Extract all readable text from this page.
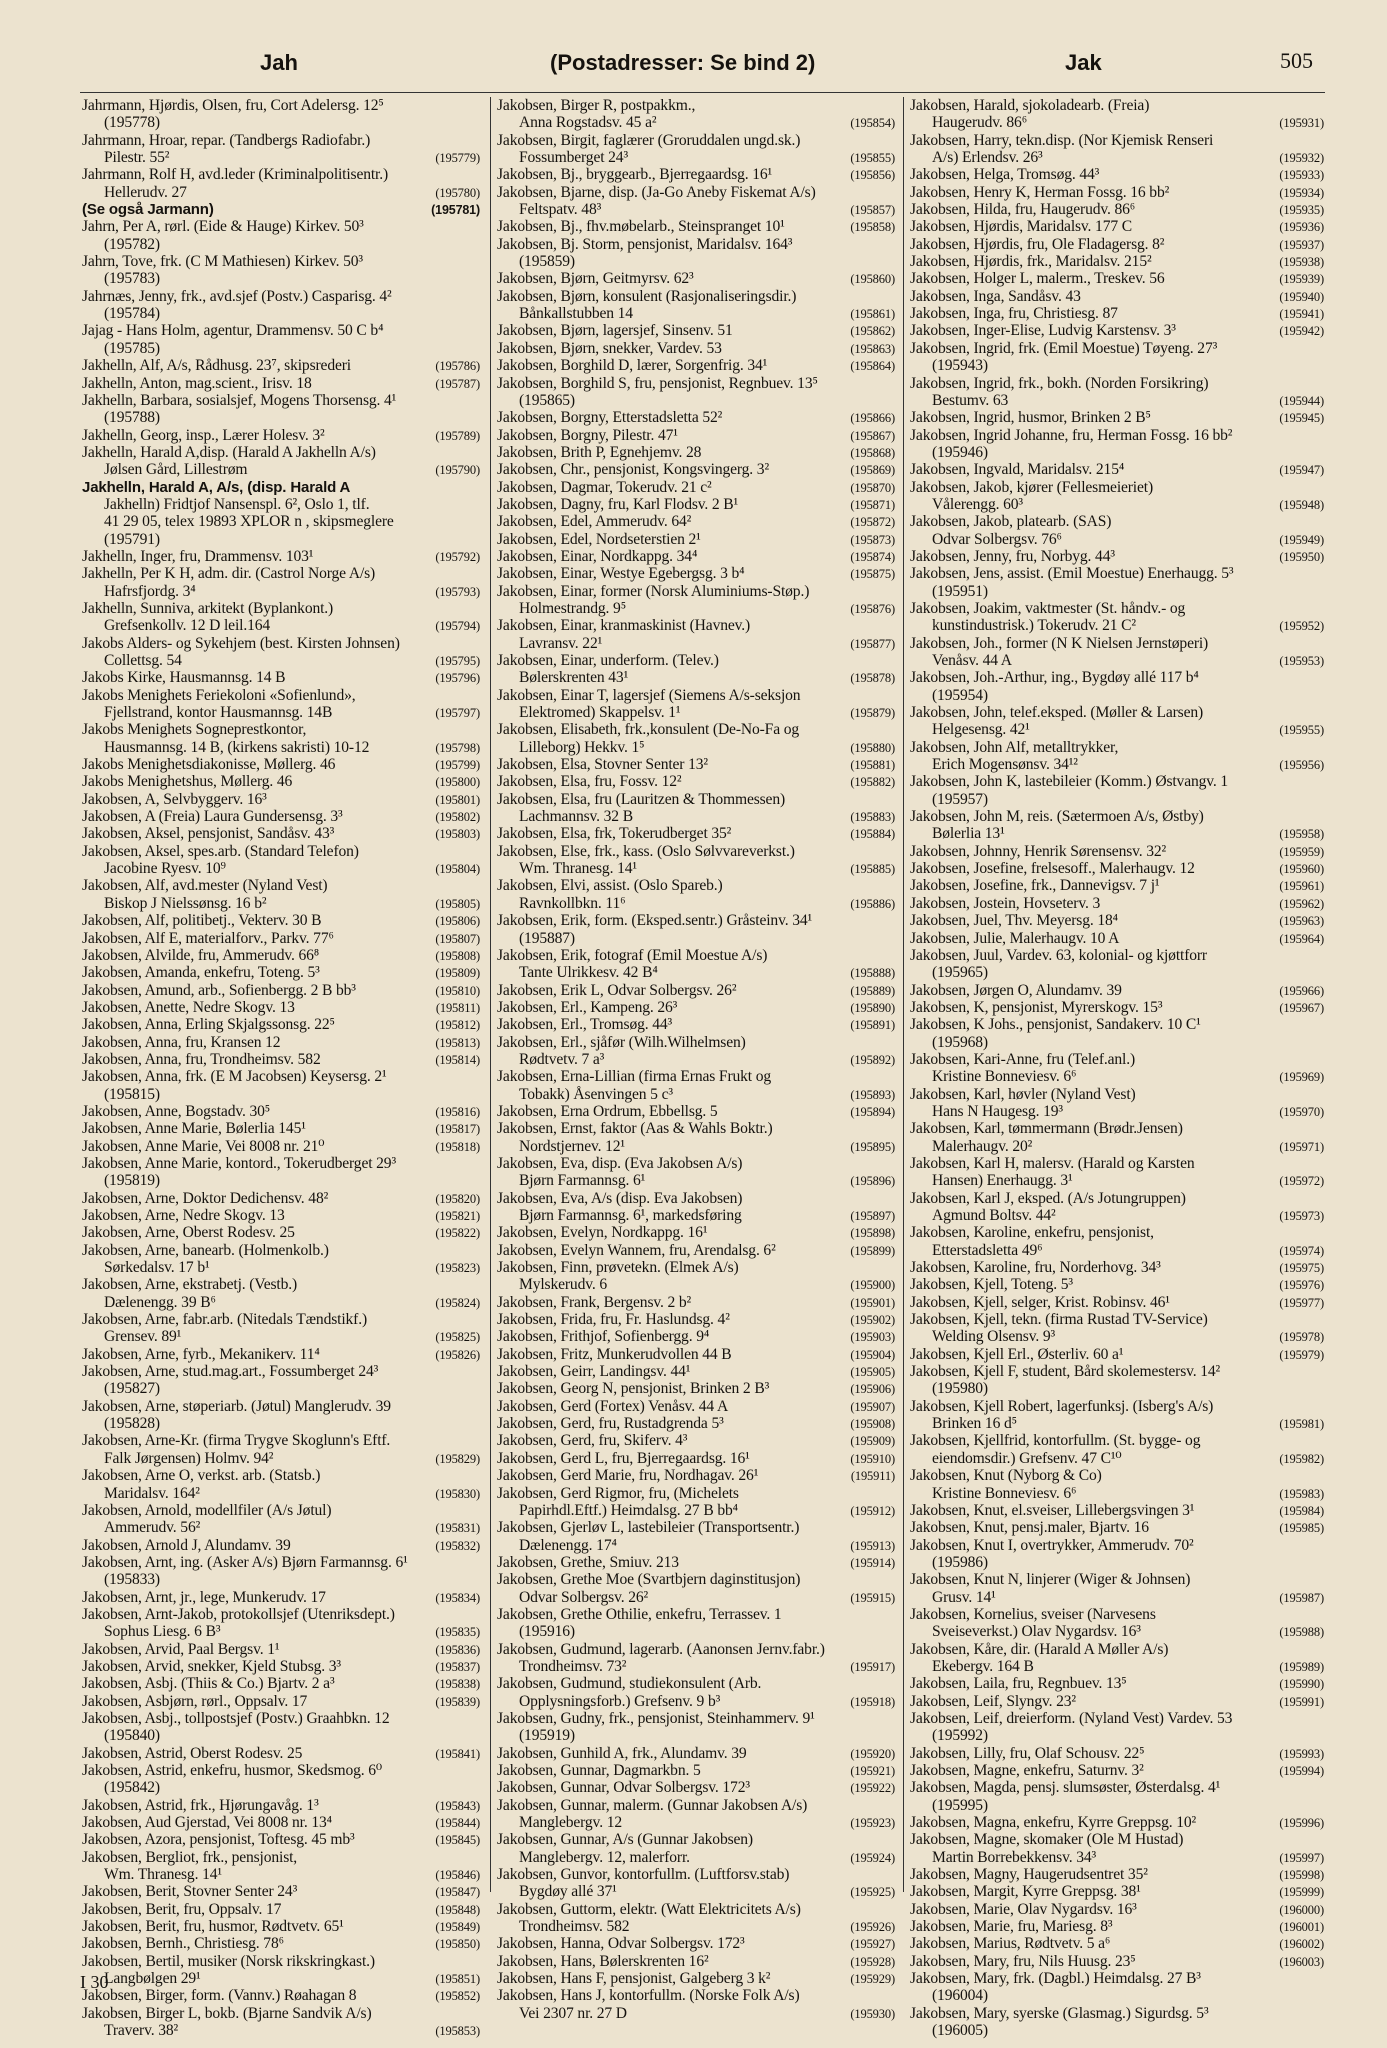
Jah	(Postadresser: Se bind 2)	Jak	505
Jahrmann, Hjørdis, Olsen, fru, Cort Adelersg. 12⁵
(195778)
Jahrmann, Hroar, repar. (Tandbergs Radiofabr.)
Pilestr. 55²	(195779)
Jahrmann, Rolf H, avd.leder (Kriminalpolitisentr.)
Hellerudv. 27	(195780)
(Se også Jarmann)	(195781)
Jahrn, Per A, rørl. (Eide & Hauge) Kirkev. 50³
(195782)
Jahrn, Tove, frk. (C M Mathiesen) Kirkev. 50³
(195783)
Jahrnæs, Jenny, frk., avd.sjef (Postv.) Casparisg. 4²
(195784)
Jajag - Hans Holm, agentur, Drammensv. 50 C b⁴
(195785)
Jakhelln, Alf, A/s, Rådhusg. 23⁷, skipsrederi	(195786)
Jakhelln, Anton, mag.scient., Irisv. 18	(195787)
Jakhelln, Barbara, sosialsjef, Mogens Thorsensg. 4¹
(195788)
Jakhelln, Georg, insp., Lærer Holesv. 3²	(195789)
Jakhelln, Harald A,disp. (Harald A Jakhelln A/s)
Jølsen Gård, Lillestrøm	(195790)
Jakhelln, Harald A, A/s, (disp. Harald A
Jakhelln) Fridtjof Nansenspl. 6², Oslo 1, tlf.
41 29 05, telex 19893 XPLOR n , skipsmeglere
(195791)
Jakhelln, Inger, fru, Drammensv. 103¹	(195792)
Jakhelln, Per K H, adm. dir. (Castrol Norge A/s)
Hafrsfjordg. 3⁴	(195793)
Jakhelln, Sunniva, arkitekt (Byplankont.)
Grefsenkollv. 12 D leil.164	(195794)
Jakobs Alders- og Sykehjem (best. Kirsten Johnsen)
Collettsg. 54	(195795)
Jakobs Kirke, Hausmannsg. 14 B	(195796)
Jakobs Menighets Feriekoloni «Sofienlund»,
Fjellstrand, kontor Hausmannsg. 14B	(195797)
Jakobs Menighets Sogneprestkontor,
Hausmannsg. 14 B, (kirkens sakristi) 10-12	(195798)
Jakobs Menighetsdiakonisse, Møllerg. 46	(195799)
Jakobs Menighetshus, Møllerg. 46	(195800)
Jakobsen, A, Selvbyggerv. 16³	(195801)
Jakobsen, A (Freia) Laura Gundersensg. 3³	(195802)
Jakobsen, Aksel, pensjonist, Sandåsv. 43³	(195803)
Jakobsen, Aksel, spes.arb. (Standard Telefon)
Jacobine Ryesv. 10⁹	(195804)
Jakobsen, Alf, avd.mester (Nyland Vest)
Biskop J Nielssønsg. 16 b²	(195805)
Jakobsen, Alf, politibetj., Vekterv. 30 B	(195806)
Jakobsen, Alf E, materialforv., Parkv. 77⁶	(195807)
Jakobsen, Alvilde, fru, Ammerudv. 66⁸	(195808)
Jakobsen, Amanda, enkefru, Toteng. 5³	(195809)
Jakobsen, Amund, arb., Sofienbergg. 2 B bb³	(195810)
Jakobsen, Anette, Nedre Skogv. 13	(195811)
Jakobsen, Anna, Erling Skjalgssonsg. 22⁵	(195812)
Jakobsen, Anna, fru, Kransen 12	(195813)
Jakobsen, Anna, fru, Trondheimsv. 582	(195814)
Jakobsen, Anna, frk. (E M Jacobsen) Keysersg. 2¹
(195815)
Jakobsen, Anne, Bogstadv. 30⁵	(195816)
Jakobsen, Anne Marie, Bølerlia 145¹	(195817)
Jakobsen, Anne Marie, Vei 8008 nr. 21⁰	(195818)
Jakobsen, Anne Marie, kontord., Tokerudberget 29³
(195819)
Jakobsen, Arne, Doktor Dedichensv. 48²	(195820)
Jakobsen, Arne, Nedre Skogv. 13	(195821)
Jakobsen, Arne, Oberst Rodesv. 25	(195822)
Jakobsen, Arne, banearb. (Holmenkolb.)
Sørkedalsv. 17 b¹	(195823)
Jakobsen, Arne, ekstrabetj. (Vestb.)
Dælenengg. 39 B⁶	(195824)
Jakobsen, Arne, fabr.arb. (Nitedals Tændstikf.)
Grensev. 89¹	(195825)
Jakobsen, Arne, fyrb., Mekanikerv. 11⁴	(195826)
Jakobsen, Arne, stud.mag.art., Fossumberget 24³
(195827)
Jakobsen, Arne, støperiarb. (Jøtul) Manglerudv. 39
(195828)
Jakobsen, Arne-Kr. (firma Trygve Skoglunn's Eftf.
Falk Jørgensen) Holmv. 94²	(195829)
Jakobsen, Arne O, verkst. arb. (Statsb.)
Maridalsv. 164²	(195830)
Jakobsen, Arnold, modellfiler (A/s Jøtul)
Ammerudv. 56²	(195831)
Jakobsen, Arnold J, Alundamv. 39	(195832)
Jakobsen, Arnt, ing. (Asker A/s) Bjørn Farmannsg. 6¹
(195833)
Jakobsen, Arnt, jr., lege, Munkerudv. 17	(195834)
Jakobsen, Arnt-Jakob, protokollsjef (Utenriksdept.)
Sophus Liesg. 6 B³	(195835)
Jakobsen, Arvid, Paal Bergsv. 1¹	(195836)
Jakobsen, Arvid, snekker, Kjeld Stubsg. 3³	(195837)
Jakobsen, Asbj. (Thiis & Co.) Bjartv. 2 a³	(195838)
Jakobsen, Asbjørn, rørl., Oppsalv. 17	(195839)
Jakobsen, Asbj., tollpostsjef (Postv.) Graahbkn. 12
(195840)
Jakobsen, Astrid, Oberst Rodesv. 25	(195841)
Jakobsen, Astrid, enkefru, husmor, Skedsmog. 6⁰
(195842)
Jakobsen, Astrid, frk., Hjørungavåg. 1³	(195843)
Jakobsen, Aud Gjerstad, Vei 8008 nr. 13⁴	(195844)
Jakobsen, Azora, pensjonist, Toftesg. 45 mb³	(195845)
Jakobsen, Bergliot, frk., pensjonist,
Wm. Thranesg. 14¹	(195846)
Jakobsen, Berit, Stovner Senter 24³	(195847)
Jakobsen, Berit, fru, Oppsalv. 17	(195848)
Jakobsen, Berit, fru, husmor, Rødtvetv. 65¹	(195849)
Jakobsen, Bernh., Christiesg. 78⁶	(195850)
Jakobsen, Bertil, musiker (Norsk rikskringkast.)
Langbølgen 29¹	(195851)
Jakobsen, Birger, form. (Vannv.) Røahagan 8	(195852)
Jakobsen, Birger L, bokb. (Bjarne Sandvik A/s)
Traverv. 38²	(195853)
Jakobsen, Birger R, postpakkm.,
Anna Rogstadsv. 45 a²	(195854)
Jakobsen, Birgit, faglærer (Groruddalen ungd.sk.)
Fossumberget 24³	(195855)
Jakobsen, Bj., bryggearb., Bjerregaardsg. 16¹	(195856)
Jakobsen, Bjarne, disp. (Ja-Go Aneby Fiskemat A/s)
Feltspatv. 48³	(195857)
Jakobsen, Bj., fhv.møbelarb., Steinspranget 10¹	(195858)
Jakobsen, Bj. Storm, pensjonist, Maridalsv. 164³
(195859)
Jakobsen, Bjørn, Geitmyrsv. 62³	(195860)
Jakobsen, Bjørn, konsulent (Rasjonaliseringsdir.)
Bånkallstubben 14	(195861)
Jakobsen, Bjørn, lagersjef, Sinsenv. 51	(195862)
Jakobsen, Bjørn, snekker, Vardev. 53	(195863)
Jakobsen, Borghild D, lærer, Sorgenfrig. 34¹	(195864)
Jakobsen, Borghild S, fru, pensjonist, Regnbuev. 13⁵
(195865)
Jakobsen, Borgny, Etterstadsletta 52²	(195866)
Jakobsen, Borgny, Pilestr. 47¹	(195867)
Jakobsen, Brith P, Egnehjemv. 28	(195868)
Jakobsen, Chr., pensjonist, Kongsvingerg. 3²	(195869)
Jakobsen, Dagmar, Tokerudv. 21 c²	(195870)
Jakobsen, Dagny, fru, Karl Flodsv. 2 B¹	(195871)
Jakobsen, Edel, Ammerudv. 64²	(195872)
Jakobsen, Edel, Nordseterstien 2¹	(195873)
Jakobsen, Einar, Nordkappg. 34⁴	(195874)
Jakobsen, Einar, Westye Egebergsg. 3 b⁴	(195875)
Jakobsen, Einar, former (Norsk Aluminiums-Støp.)
Holmestrandg. 9⁵	(195876)
Jakobsen, Einar, kranmaskinist (Havnev.)
Lavransv. 22¹	(195877)
Jakobsen, Einar, underform. (Telev.)
Bølerskrenten 43¹	(195878)
Jakobsen, Einar T, lagersjef (Siemens A/s-seksjon
Elektromed) Skappelsv. 1¹	(195879)
Jakobsen, Elisabeth, frk.,konsulent (De-No-Fa og
Lilleborg) Hekkv. 1⁵	(195880)
Jakobsen, Elsa, Stovner Senter 13²	(195881)
Jakobsen, Elsa, fru, Fossv. 12²	(195882)
Jakobsen, Elsa, fru (Lauritzen & Thommessen)
Lachmannsv. 32 B	(195883)
Jakobsen, Elsa, frk, Tokerudberget 35²	(195884)
Jakobsen, Else, frk., kass. (Oslo Sølvvareverkst.)
Wm. Thranesg. 14¹	(195885)
Jakobsen, Elvi, assist. (Oslo Spareb.)
Ravnkollbkn. 11⁶	(195886)
Jakobsen, Erik, form. (Eksped.sentr.) Gråsteinv. 34¹
(195887)
Jakobsen, Erik, fotograf (Emil Moestue A/s)
Tante Ulrikkesv. 42 B⁴	(195888)
Jakobsen, Erik L, Odvar Solbergsv. 26²	(195889)
Jakobsen, Erl., Kampeng. 26³	(195890)
Jakobsen, Erl., Tromsøg. 44³	(195891)
Jakobsen, Erl., sjåfør (Wilh.Wilhelmsen)
Rødtvetv. 7 a³	(195892)
Jakobsen, Erna-Lillian (firma Ernas Frukt og
Tobakk) Åsenvingen 5 c³	(195893)
Jakobsen, Erna Ordrum, Ebbellsg. 5	(195894)
Jakobsen, Ernst, faktor (Aas & Wahls Boktr.)
Nordstjernev. 12¹	(195895)
Jakobsen, Eva, disp. (Eva Jakobsen A/s)
Bjørn Farmannsg. 6¹	(195896)
Jakobsen, Eva, A/s (disp. Eva Jakobsen)
Bjørn Farmannsg. 6¹, markedsføring	(195897)
Jakobsen, Evelyn, Nordkappg. 16¹	(195898)
Jakobsen, Evelyn Wannem, fru, Arendalsg. 6²	(195899)
Jakobsen, Finn, prøvetekn. (Elmek A/s)
Mylskerudv. 6	(195900)
Jakobsen, Frank, Bergensv. 2 b²	(195901)
Jakobsen, Frida, fru, Fr. Haslundsg. 4²	(195902)
Jakobsen, Frithjof, Sofienbergg. 9⁴	(195903)
Jakobsen, Fritz, Munkerudvollen 44 B	(195904)
Jakobsen, Geirr, Landingsv. 44¹	(195905)
Jakobsen, Georg N, pensjonist, Brinken 2 B³	(195906)
Jakobsen, Gerd (Fortex) Venåsv. 44 A	(195907)
Jakobsen, Gerd, fru, Rustadgrenda 5³	(195908)
Jakobsen, Gerd, fru, Skiferv. 4³	(195909)
Jakobsen, Gerd L, fru, Bjerregaardsg. 16¹	(195910)
Jakobsen, Gerd Marie, fru, Nordhagav. 26¹	(195911)
Jakobsen, Gerd Rigmor, fru, (Michelets
Papirhdl.Eftf.) Heimdalsg. 27 B bb⁴	(195912)
Jakobsen, Gjerløv L, lastebileier (Transportsentr.)
Dælenengg. 17⁴	(195913)
Jakobsen, Grethe, Smiuv. 213	(195914)
Jakobsen, Grethe Moe (Svartbjern daginstitusjon)
Odvar Solbergsv. 26²	(195915)
Jakobsen, Grethe Othilie, enkefru, Terrassev. 1
(195916)
Jakobsen, Gudmund, lagerarb. (Aanonsen Jernv.fabr.)
Trondheimsv. 73²	(195917)
Jakobsen, Gudmund, studiekonsulent (Arb.
Opplysningsforb.) Grefsenv. 9 b³	(195918)
Jakobsen, Gudny, frk., pensjonist, Steinhammerv. 9¹
(195919)
Jakobsen, Gunhild A, frk., Alundamv. 39	(195920)
Jakobsen, Gunnar, Dagmarkbn. 5	(195921)
Jakobsen, Gunnar, Odvar Solbergsv. 172³	(195922)
Jakobsen, Gunnar, malerm. (Gunnar Jakobsen A/s)
Manglebergv. 12	(195923)
Jakobsen, Gunnar, A/s (Gunnar Jakobsen)
Manglebergv. 12, malerforr.	(195924)
Jakobsen, Gunvor, kontorfullm. (Luftforsv.stab)
Bygdøy allé 37¹	(195925)
Jakobsen, Guttorm, elektr. (Watt Elektricitets A/s)
Trondheimsv. 582	(195926)
Jakobsen, Hanna, Odvar Solbergsv. 172³	(195927)
Jakobsen, Hans, Bølerskrenten 16²	(195928)
Jakobsen, Hans F, pensjonist, Galgeberg 3 k²	(195929)
Jakobsen, Hans J, kontorfullm. (Norske Folk A/s)
Vei 2307 nr. 27 D	(195930)
Jakobsen, Harald, sjokoladearb. (Freia)
Haugerudv. 86⁶	(195931)
Jakobsen, Harry, tekn.disp. (Nor Kjemisk Renseri
A/s) Erlendsv. 26³	(195932)
Jakobsen, Helga, Tromsøg. 44³	(195933)
Jakobsen, Henry K, Herman Fossg. 16 bb²	(195934)
Jakobsen, Hilda, fru, Haugerudv. 86⁶	(195935)
Jakobsen, Hjørdis, Maridalsv. 177 C	(195936)
Jakobsen, Hjørdis, fru, Ole Fladagersg. 8²	(195937)
Jakobsen, Hjørdis, frk., Maridalsv. 215²	(195938)
Jakobsen, Holger L, malerm., Treskev. 56	(195939)
Jakobsen, Inga, Sandåsv. 43	(195940)
Jakobsen, Inga, fru, Christiesg. 87	(195941)
Jakobsen, Inger-Elise, Ludvig Karstensv. 3³	(195942)
Jakobsen, Ingrid, frk. (Emil Moestue) Tøyeng. 27³
(195943)
Jakobsen, Ingrid, frk., bokh. (Norden Forsikring)
Bestumv. 63	(195944)
Jakobsen, Ingrid, husmor, Brinken 2 B⁵	(195945)
Jakobsen, Ingrid Johanne, fru, Herman Fossg. 16 bb²
(195946)
Jakobsen, Ingvald, Maridalsv. 215⁴	(195947)
Jakobsen, Jakob, kjører (Fellesmeieriet)
Vålerengg. 60³	(195948)
Jakobsen, Jakob, platearb. (SAS)
Odvar Solbergsv. 76⁶	(195949)
Jakobsen, Jenny, fru, Norbyg. 44³	(195950)
Jakobsen, Jens, assist. (Emil Moestue) Enerhaugg. 5³
(195951)
Jakobsen, Joakim, vaktmester (St. håndv.- og
kunstindustrisk.) Tokerudv. 21 C²	(195952)
Jakobsen, Joh., former (N K Nielsen Jernstøperi)
Venåsv. 44 A	(195953)
Jakobsen, Joh.-Arthur, ing., Bygdøy allé 117 b⁴
(195954)
Jakobsen, John, telef.eksped. (Møller & Larsen)
Helgesensg. 42¹	(195955)
Jakobsen, John Alf, metalltrykker,
Erich Mogensønsv. 34¹²	(195956)
Jakobsen, John K, lastebileier (Komm.) Østvangv. 1
(195957)
Jakobsen, John M, reis. (Sætermoen A/s, Østby)
Bølerlia 13¹	(195958)
Jakobsen, Johnny, Henrik Sørensensv. 32²	(195959)
Jakobsen, Josefine, frelsesoff., Malerhaugv. 12	(195960)
Jakobsen, Josefine, frk., Dannevigsv. 7 j¹	(195961)
Jakobsen, Jostein, Hovseterv. 3	(195962)
Jakobsen, Juel, Thv. Meyersg. 18⁴	(195963)
Jakobsen, Julie, Malerhaugv. 10 A	(195964)
Jakobsen, Juul, Vardev. 63, kolonial- og kjøttforr
(195965)
Jakobsen, Jørgen O, Alundamv. 39	(195966)
Jakobsen, K, pensjonist, Myrerskogv. 15³	(195967)
Jakobsen, K Johs., pensjonist, Sandakerv. 10 C¹
(195968)
Jakobsen, Kari-Anne, fru (Telef.anl.)
Kristine Bonneviesv. 6⁶	(195969)
Jakobsen, Karl, høvler (Nyland Vest)
Hans N Haugesg. 19³	(195970)
Jakobsen, Karl, tømmermann (Brødr.Jensen)
Malerhaugv. 20²	(195971)
Jakobsen, Karl H, malersv. (Harald og Karsten
Hansen) Enerhaugg. 3¹	(195972)
Jakobsen, Karl J, eksped. (A/s Jotungruppen)
Agmund Boltsv. 44²	(195973)
Jakobsen, Karoline, enkefru, pensjonist,
Etterstadsletta 49⁶	(195974)
Jakobsen, Karoline, fru, Norderhovg. 34³	(195975)
Jakobsen, Kjell, Toteng. 5³	(195976)
Jakobsen, Kjell, selger, Krist. Robinsv. 46¹	(195977)
Jakobsen, Kjell, tekn. (firma Rustad TV-Service)
Welding Olsensv. 9³	(195978)
Jakobsen, Kjell Erl., Østerliv. 60 a¹	(195979)
Jakobsen, Kjell F, student, Bård skolemestersv. 14²
(195980)
Jakobsen, Kjell Robert, lagerfunksj. (Isberg's A/s)
Brinken 16 d⁵	(195981)
Jakobsen, Kjellfrid, kontorfullm. (St. bygge- og
eiendomsdir.) Grefsenv. 47 C¹⁰	(195982)
Jakobsen, Knut (Nyborg & Co)
Kristine Bonneviesv. 6⁶	(195983)
Jakobsen, Knut, el.sveiser, Lillebergsvingen 3¹	(195984)
Jakobsen, Knut, pensj.maler, Bjartv. 16	(195985)
Jakobsen, Knut I, overtrykker, Ammerudv. 70²
(195986)
Jakobsen, Knut N, linjerer (Wiger & Johnsen)
Grusv. 14¹	(195987)
Jakobsen, Kornelius, sveiser (Narvesens
Sveiseverkst.) Olav Nygardsv. 16³	(195988)
Jakobsen, Kåre, dir. (Harald A Møller A/s)
Ekebergv. 164 B	(195989)
Jakobsen, Laila, fru, Regnbuev. 13⁵	(195990)
Jakobsen, Leif, Slyngv. 23²	(195991)
Jakobsen, Leif, dreierform. (Nyland Vest) Vardev. 53
(195992)
Jakobsen, Lilly, fru, Olaf Schousv. 22⁵	(195993)
Jakobsen, Magne, enkefru, Saturnv. 3²	(195994)
Jakobsen, Magda, pensj. slumsøster, Østerdalsg. 4¹
(195995)
Jakobsen, Magna, enkefru, Kyrre Greppsg. 10²	(195996)
Jakobsen, Magne, skomaker (Ole M Hustad)
Martin Borrebekkensv. 34³	(195997)
Jakobsen, Magny, Haugerudsentret 35²	(195998)
Jakobsen, Margit, Kyrre Greppsg. 38¹	(195999)
Jakobsen, Marie, Olav Nygardsv. 16³	(196000)
Jakobsen, Marie, fru, Mariesg. 8³	(196001)
Jakobsen, Marius, Rødtvetv. 5 a⁶	(196002)
Jakobsen, Mary, fru, Nils Huusg. 23⁵	(196003)
Jakobsen, Mary, frk. (Dagbl.) Heimdalsg. 27 B³
(196004)
Jakobsen, Mary, syerske (Glasmag.) Sigurdsg. 5³
(196005)
I 30
